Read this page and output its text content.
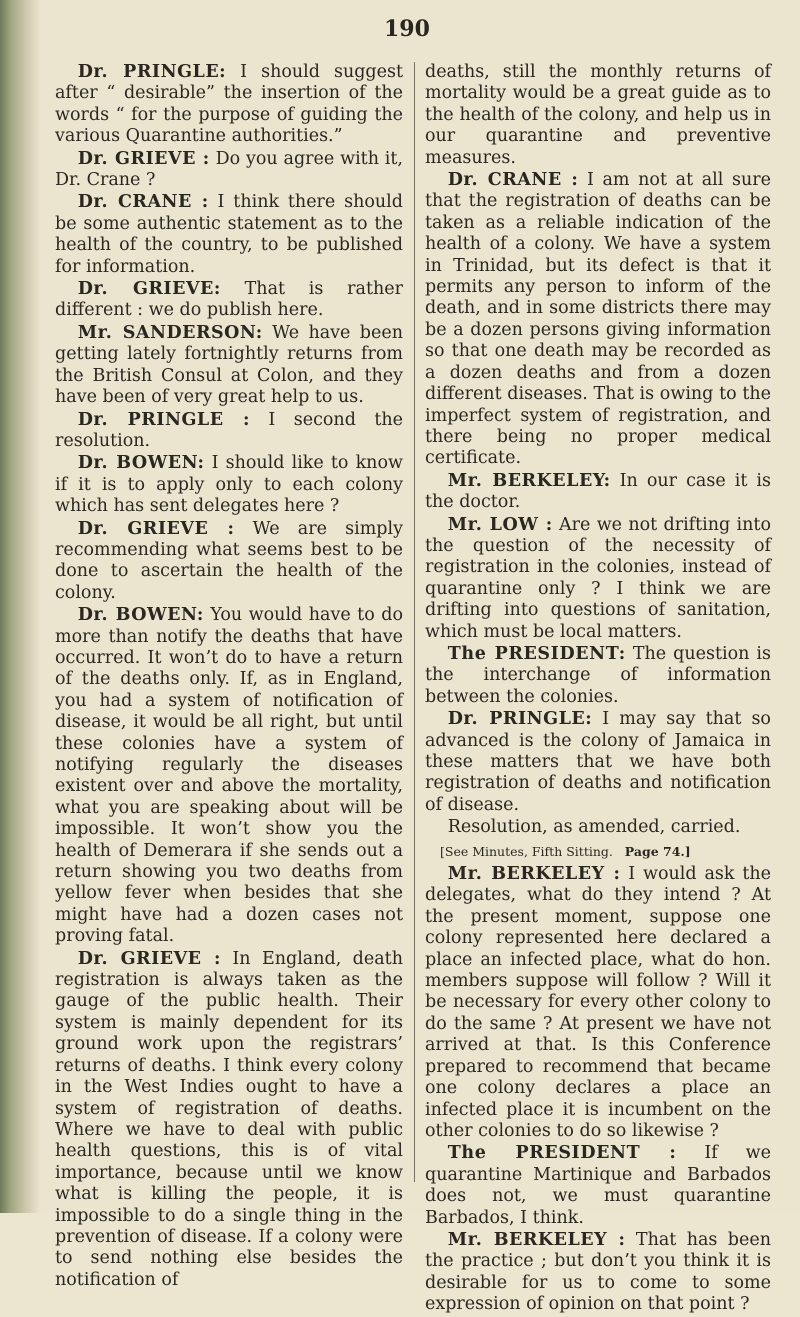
190

Dr. PRINGLE: I should suggest after “ desirable” the insertion of the words “ for the purpose of guiding the various Quarantine authorities.”

Dr. GRIEVE : Do you agree with it, Dr. Crane ?

Dr. CRANE : I think there should be some authentic statement as to the health of the country, to be published for information.

Dr. GRIEVE: That is rather different : we do publish here.

Mr. SANDERSON: We have been getting lately fortnightly returns from the British Consul at Colon, and they have been of very great help to us.

Dr. PRINGLE : I second the resolution.

Dr. BOWEN: I should like to know if it is to apply only to each colony which has sent delegates here ?

Dr. GRIEVE : We are simply recommending what seems best to be done to ascertain the health of the colony.

Dr. BOWEN: You would have to do more than notify the deaths that have occurred. It won’t do to have a return of the deaths only. If, as in England, you had a system of notification of disease, it would be all right, but until these colonies have a system of notifying regularly the diseases existent over and above the mortality, what you are speaking about will be impossible. It won’t show you the health of Demerara if she sends out a return showing you two deaths from yellow fever when besides that she might have had a dozen cases not proving fatal.

Dr. GRIEVE : In England, death registration is always taken as the gauge of the public health. Their system is mainly dependent for its ground work upon the registrars’ returns of deaths. I think every colony in the West Indies ought to have a system of registration of deaths. Where we have to deal with public health questions, this is of vital importance, because until we know what is killing the people, it is impossible to do a single thing in the prevention of disease. If a colony were to send nothing else besides the notification of

deaths, still the monthly returns of mortality would be a great guide as to the health of the colony, and help us in our quarantine and preventive measures.

Dr. CRANE : I am not at all sure that the registration of deaths can be taken as a reliable indication of the health of a colony. We have a system in Trinidad, but its defect is that it permits any person to inform of the death, and in some districts there may be a dozen persons giving information so that one death may be recorded as a dozen deaths and from a dozen different diseases. That is owing to the imperfect system of registration, and there being no proper medical certificate.

Mr. BERKELEY: In our case it is the doctor.

Mr. LOW : Are we not drifting into the question of the necessity of registration in the colonies, instead of quarantine only ? I think we are drifting into questions of sanitation, which must be local matters.

The PRESIDENT: The question is the interchange of information between the colonies.

Dr. PRINGLE: I may say that so advanced is the colony of Jamaica in these matters that we have both registration of deaths and notification of disease.

Resolution, as amended, carried.

[See Minutes, Fifth Sitting. Page 74.]

Mr. BERKELEY : I would ask the delegates, what do they intend ? At the present moment, suppose one colony represented here declared a place an infected place, what do hon. members suppose will follow ? Will it be necessary for every other colony to do the same ? At present we have not arrived at that. Is this Conference prepared to recommend that became one colony declares a place an infected place it is incumbent on the other colonies to do so likewise ?

The PRESIDENT : If we quarantine Martinique and Barbados does not, we must quarantine Barbados, I think.

Mr. BERKELEY : That has been the practice ; but don’t you think it is desirable for us to come to some expression of opinion on that point ?
